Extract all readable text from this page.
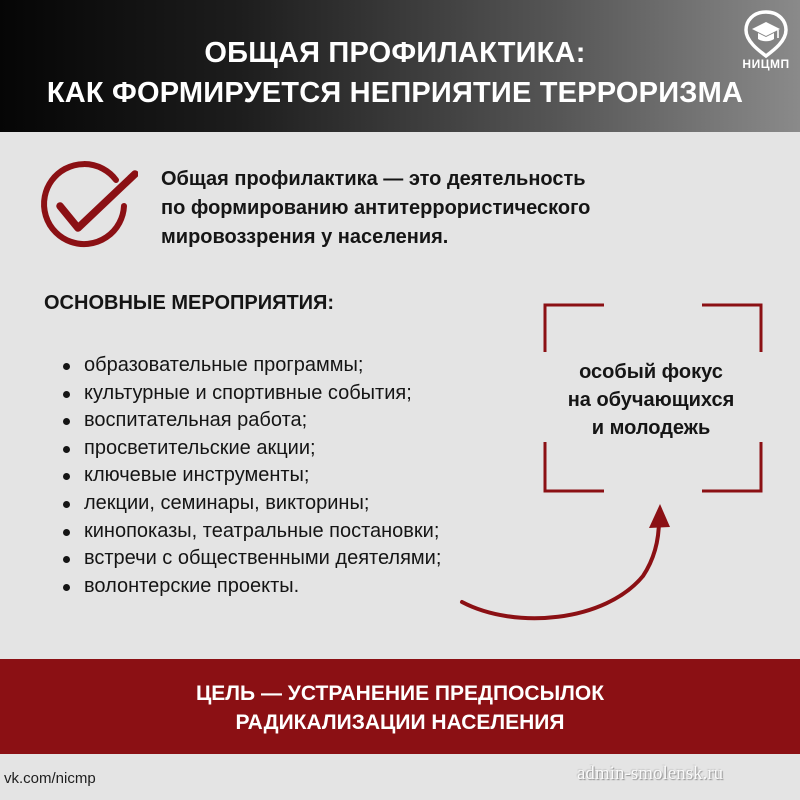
ОБЩАЯ ПРОФИЛАКТИКА:
КАК ФОРМИРУЕТСЯ НЕПРИЯТИЕ ТЕРРОРИЗМА
НИЦМП
Общая профилактика — это деятельность
по формированию антитеррористического
мировоззрения у населения.
ОСНОВНЫЕ МЕРОПРИЯТИЯ:
образовательные программы;
культурные и спортивные события;
воспитательная работа;
просветительские акции;
ключевые инструменты;
лекции, семинары, викторины;
кинопоказы, театральные постановки;
встречи с общественными деятелями;
волонтерские проекты.
особый фокус
на обучающихся
и молодежь
ЦЕЛЬ — УСТРАНЕНИЕ ПРЕДПОСЫЛОК
РАДИКАЛИЗАЦИИ НАСЕЛЕНИЯ
vk.com/nicmp	admin-smolensk.ru
